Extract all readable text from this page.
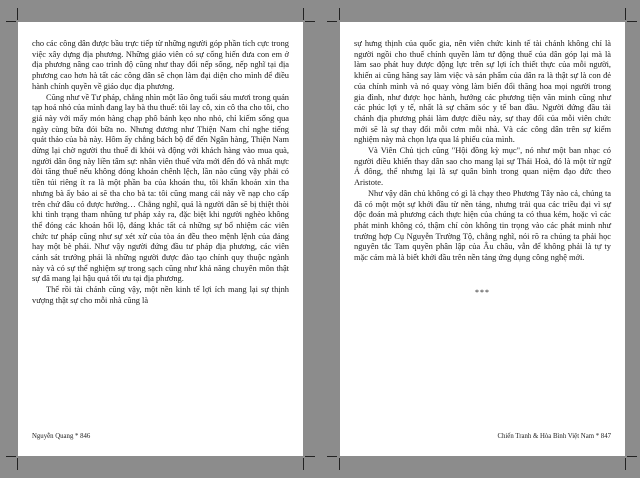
cho các công dân được bầu trực tiếp từ những người góp phần tích cực trong việc xây dựng địa phương. Những giáo viên có sự cống hiến đưa con em ở địa phương nâng cao trình độ cũng như thay đổi nếp sống, nếp nghĩ tại địa phương cao hơn hà tất các công dân sẽ chọn làm đại diện cho mình để điều hành chính quyền về giáo dục địa phương.

Cũng như về Tư pháp, chẳng nhìn một lão ông tuổi sáu mươi trong quán tạp hoá nhỏ của mình đang lay bà thu thuế: tôi lay cô, xin cô tha cho tôi, cho giá này với mấy món hàng chạp phô bánh kẹo nho nhỏ, chỉ kiếm sống qua ngày cùng bữa đói bữa no. Nhưng đương như Thiện Nam chỉ nghe tiếng quát thảo của bà này. Hôm ấy chẳng bách bộ để đến Ngân hàng, Thiện Nam dừng lại chờ người thu thuế đi khỏi và động với khách hàng vào mua quà, người dân ông này liền tâm sự: nhân viên thuế vừa mới đến đó và nhất mực đòi tăng thuế nếu không đóng khoản chênh lệch, lần nào cũng vậy phải có tiền túi riêng ít ra là một phần ba của khoản thu, tôi khẩn khoản xin tha nhưng bà ấy bảo ai sẽ tha cho bà ta: tôi cũng mang cái này về nạp cho cấp trên chứ đâu có được hưởng… Chẳng nghĩ, quả là người dân sẽ bị thiệt thòi khi tình trạng tham nhũng tư pháp xảy ra, đặc biệt khi người nghèo không thể đóng các khoản hối lộ, đáng khác tất cả những sự bổ nhiệm các viên chức tư pháp cũng như sự xét xử của tòa án đều theo mệnh lệnh của đảng hay một bè phái. Như vậy người đứng đầu tư pháp địa phương, các viên cảnh sát trưởng phải là những người được đào tạo chính quy thuộc ngành này và có sự thể nghiệm sự trong sạch cũng như khả năng chuyên môn thật sự đã mang lại hậu quả tối ưu tại địa phương.

Thế rồi tài chánh cũng vậy, một nền kinh tế lợi ích mang lại sự thịnh vượng thật sự cho mỗi nhà cũng là

Nguyễn Quang * 846

sự hưng thịnh của quốc gia, nên viên chức kinh tế tài chánh không chỉ là người ngồi cho thuế chính quyền làm tư động thuế của dân góp lại mà là làm sao phát huy được động lực trên sự lợi ích thiết thực của mỗi người, khiến ai cũng hăng say làm việc và sản phẩm của dân ra là thật sự là con đẻ của chính mình và nó quay vòng làm biến đổi thăng hoa mọi người trong gia đình, như được học hành, hướng các phương tiện văn minh cũng như các phúc lợi y tế, nhất là sự chăm sóc y tế ban đầu. Người đứng đầu tài chánh địa phương phải làm được điều này, sự thay đổi của mỗi viên chức mới sẽ là sự thay đổi mỗi cơm mỗi nhà. Và các công dân trên sự kiểm nghiệm này mà chọn lựa qua lá phiếu của mình.

Và Viên Chủ tịch cũng "Hội đồng kỳ mục", nó như một ban nhạc có người điều khiển thay dân sao cho mang lại sự Thái Hoà, đó là một từ ngữ Á đông, thể nhưng lại là sự quân bình trong quan niệm đạo đức theo Aristote.

Như vậy dân chủ không có gì là chạy theo Phương Tây nào cả, chúng ta đã có một một sự khởi đầu từ nền tảng, nhưng trải qua các triều đại vì sự độc đoán mà phương cách thực hiện của chúng ta có thua kém, hoặc vì các phát minh không có, thậm chí còn không tin trọng vào các phát minh như trường hợp Cụ Nguyễn Trường Tộ, chẳng nghĩ, nói rõ ra chúng ta phải học nguyên tắc Tam quyền phân lập của Âu châu, vẫn để không phải là tự ty mặc cảm mà là biết khởi đầu trên nền tảng ứng dụng công nghệ mới.

***
Chiến Tranh & Hòa Bình Việt Nam * 847
